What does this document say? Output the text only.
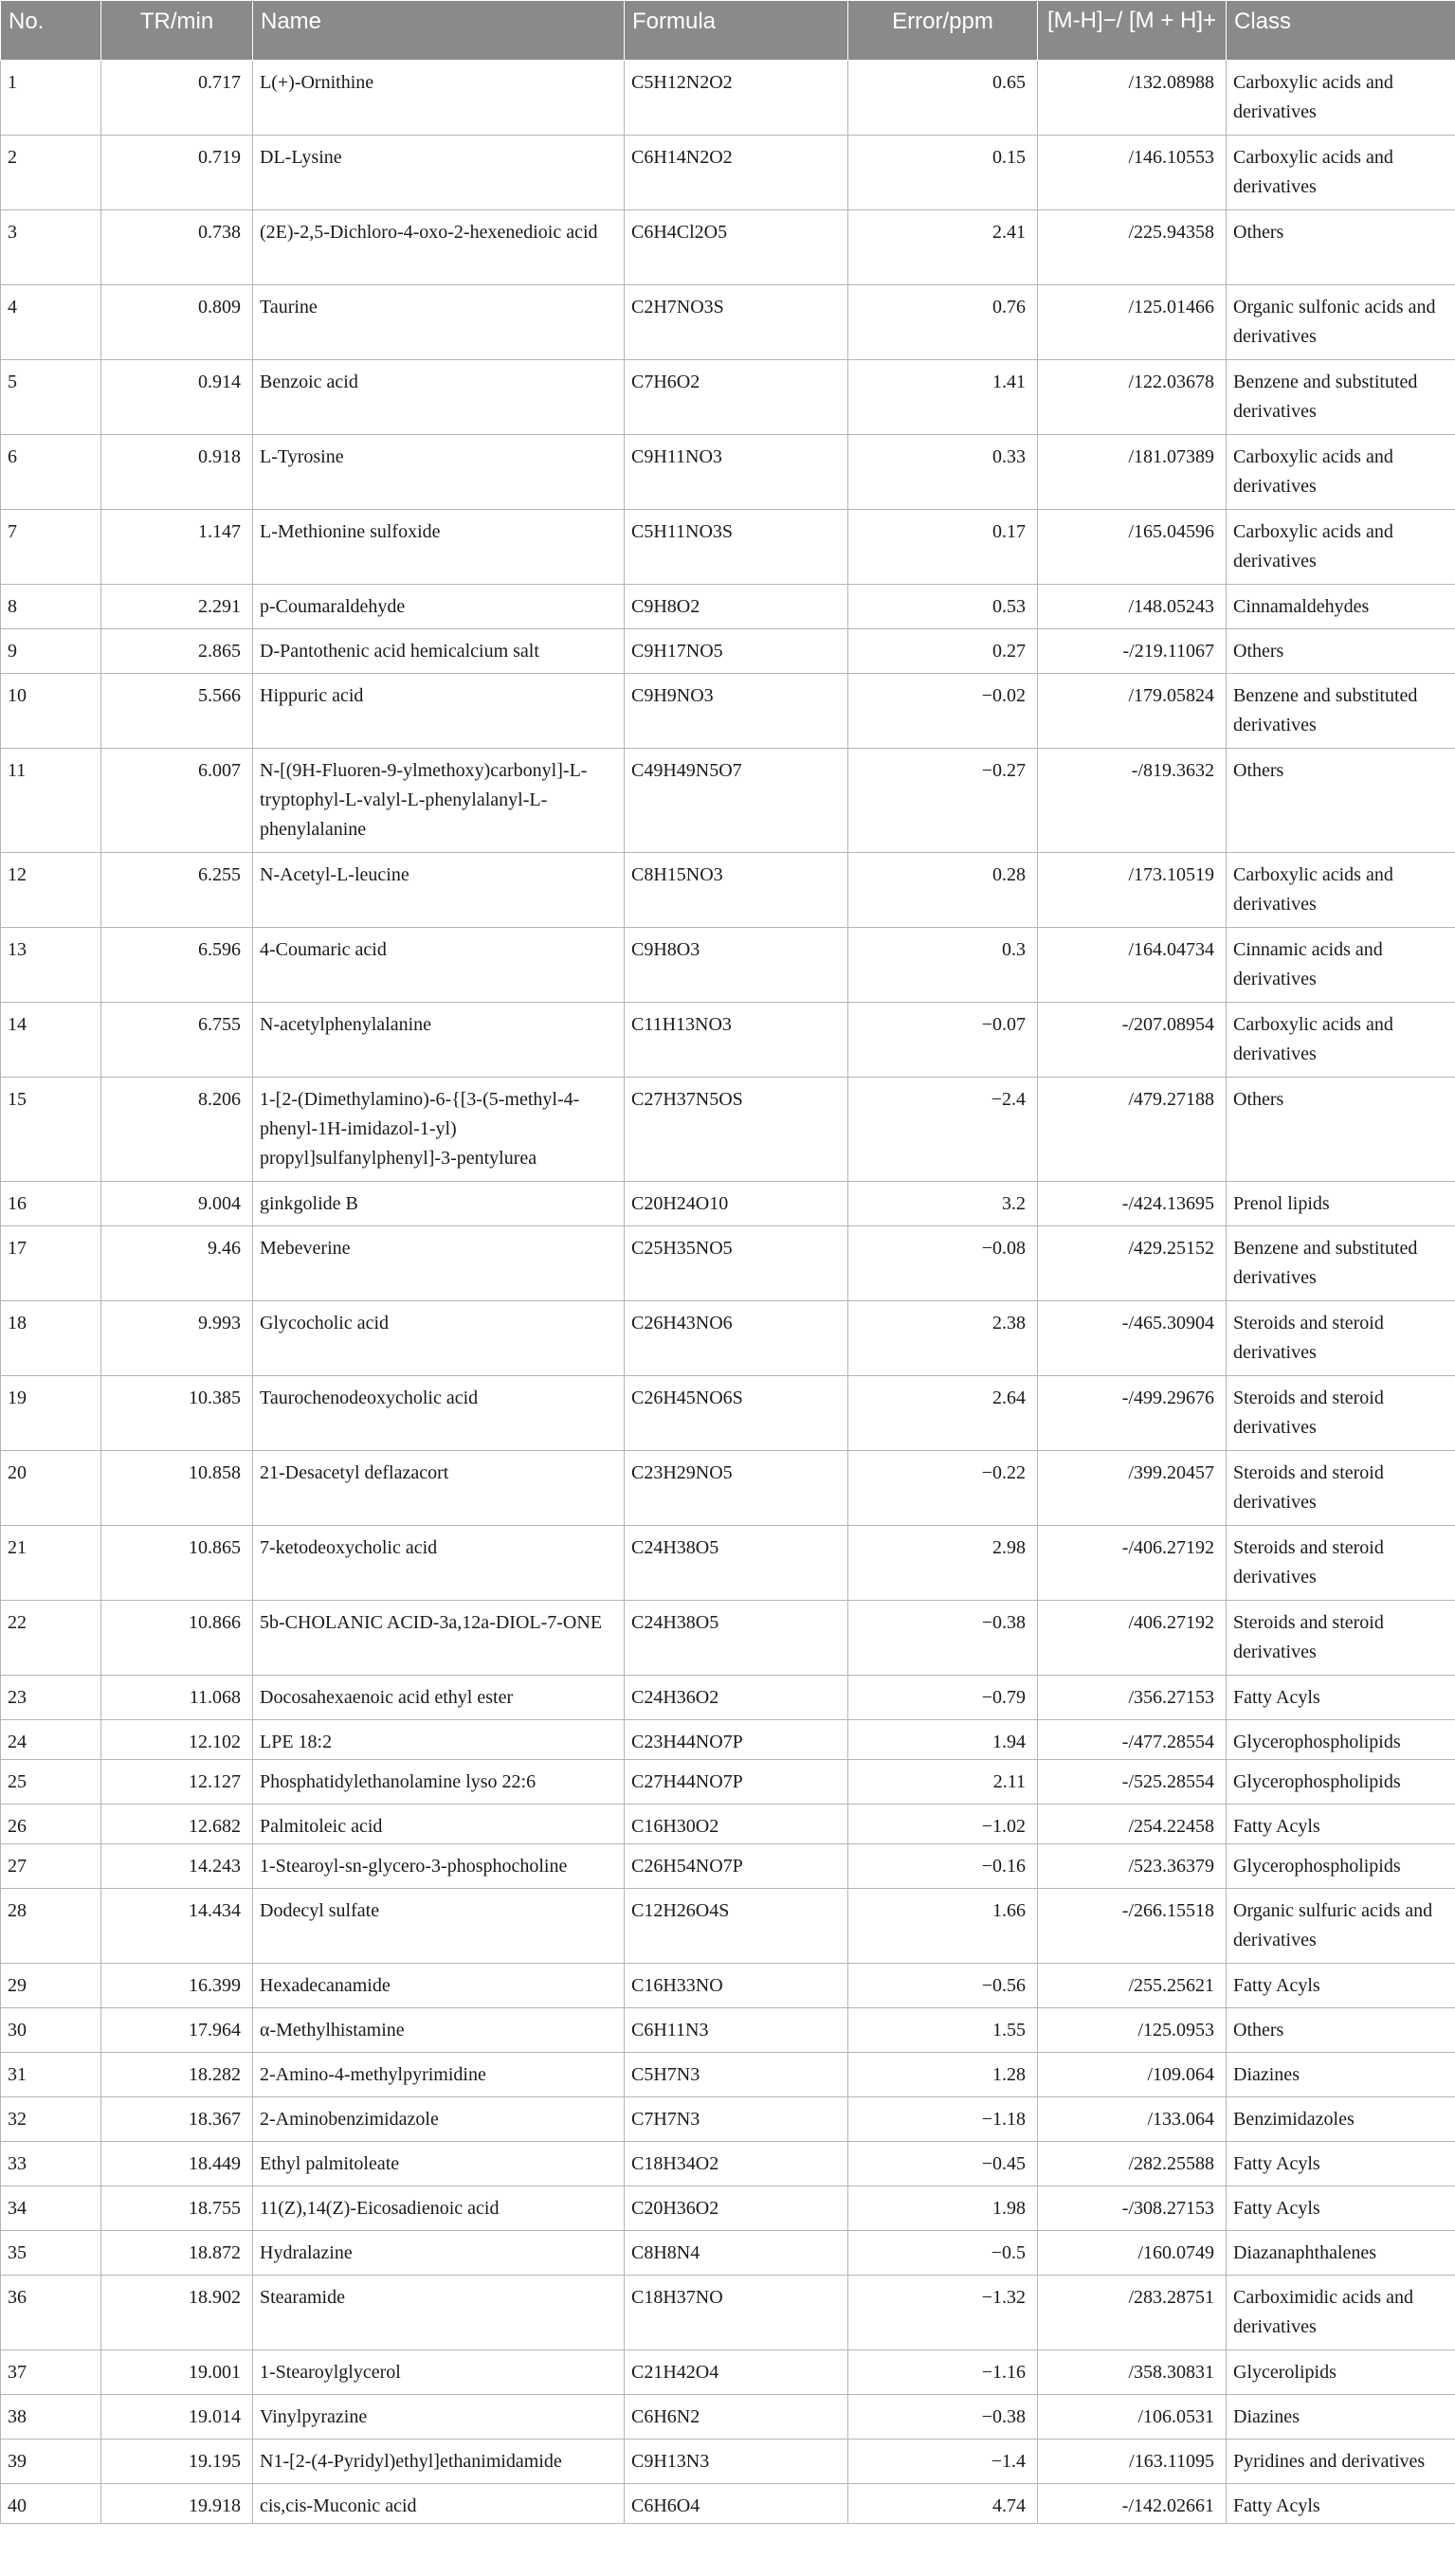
No.	TR/min	Name	Formula	Error/ppm	[M-H]−/ [M + H]+	Class
1	0.717	L(+)-Ornithine	C5H12N2O2	0.65	/132.08988	Carboxylic acids and derivatives
2	0.719	DL-Lysine	C6H14N2O2	0.15	/146.10553	Carboxylic acids and derivatives
3	0.738	(2E)-2,5-Dichloro-4-oxo-2-hexenedioic acid	C6H4Cl2O5	2.41	/225.94358	Others
4	0.809	Taurine	C2H7NO3S	0.76	/125.01466	Organic sulfonic acids and derivatives
5	0.914	Benzoic acid	C7H6O2	1.41	/122.03678	Benzene and substituted derivatives
6	0.918	L-Tyrosine	C9H11NO3	0.33	/181.07389	Carboxylic acids and derivatives
7	1.147	L-Methionine sulfoxide	C5H11NO3S	0.17	/165.04596	Carboxylic acids and derivatives
8	2.291	p-Coumaraldehyde	C9H8O2	0.53	/148.05243	Cinnamaldehydes
9	2.865	D-Pantothenic acid hemicalcium salt	C9H17NO5	0.27	-/219.11067	Others
10	5.566	Hippuric acid	C9H9NO3	−0.02	/179.05824	Benzene and substituted derivatives
11	6.007	N-[(9H-Fluoren-9-ylmethoxy)carbonyl]-L-tryptophyl-L-valyl-L-phenylalanyl-L-phenylalanine	C49H49N5O7	−0.27	-/819.3632	Others
12	6.255	N-Acetyl-L-leucine	C8H15NO3	0.28	/173.10519	Carboxylic acids and derivatives
13	6.596	4-Coumaric acid	C9H8O3	0.3	/164.04734	Cinnamic acids and derivatives
14	6.755	N-acetylphenylalanine	C11H13NO3	−0.07	-/207.08954	Carboxylic acids and derivatives
15	8.206	1-[2-(Dimethylamino)-6-{[3-(5-methyl-4-phenyl-1H-imidazol-1-yl) propyl]sulfanylphenyl]-3-pentylurea	C27H37N5OS	−2.4	/479.27188	Others
16	9.004	ginkgolide B	C20H24O10	3.2	-/424.13695	Prenol lipids
17	9.46	Mebeverine	C25H35NO5	−0.08	/429.25152	Benzene and substituted derivatives
18	9.993	Glycocholic acid	C26H43NO6	2.38	-/465.30904	Steroids and steroid derivatives
19	10.385	Taurochenodeoxycholic acid	C26H45NO6S	2.64	-/499.29676	Steroids and steroid derivatives
20	10.858	21-Desacetyl deflazacort	C23H29NO5	−0.22	/399.20457	Steroids and steroid derivatives
21	10.865	7-ketodeoxycholic acid	C24H38O5	2.98	-/406.27192	Steroids and steroid derivatives
22	10.866	5b-CHOLANIC ACID-3a,12a-DIOL-7-ONE	C24H38O5	−0.38	/406.27192	Steroids and steroid derivatives
23	11.068	Docosahexaenoic acid ethyl ester	C24H36O2	−0.79	/356.27153	Fatty Acyls
24	12.102	LPE 18:2	C23H44NO7P	1.94	-/477.28554	Glycerophospholipids
25	12.127	Phosphatidylethanolamine lyso 22:6	C27H44NO7P	2.11	-/525.28554	Glycerophospholipids
26	12.682	Palmitoleic acid	C16H30O2	−1.02	/254.22458	Fatty Acyls
27	14.243	1-Stearoyl-sn-glycero-3-phosphocholine	C26H54NO7P	−0.16	/523.36379	Glycerophospholipids
28	14.434	Dodecyl sulfate	C12H26O4S	1.66	-/266.15518	Organic sulfuric acids and derivatives
29	16.399	Hexadecanamide	C16H33NO	−0.56	/255.25621	Fatty Acyls
30	17.964	α-Methylhistamine	C6H11N3	1.55	/125.0953	Others
31	18.282	2-Amino-4-methylpyrimidine	C5H7N3	1.28	/109.064	Diazines
32	18.367	2-Aminobenzimidazole	C7H7N3	−1.18	/133.064	Benzimidazoles
33	18.449	Ethyl palmitoleate	C18H34O2	−0.45	/282.25588	Fatty Acyls
34	18.755	11(Z),14(Z)-Eicosadienoic acid	C20H36O2	1.98	-/308.27153	Fatty Acyls
35	18.872	Hydralazine	C8H8N4	−0.5	/160.0749	Diazanaphthalenes
36	18.902	Stearamide	C18H37NO	−1.32	/283.28751	Carboximidic acids and derivatives
37	19.001	1-Stearoylglycerol	C21H42O4	−1.16	/358.30831	Glycerolipids
38	19.014	Vinylpyrazine	C6H6N2	−0.38	/106.0531	Diazines
39	19.195	N1-[2-(4-Pyridyl)ethyl]ethanimidamide	C9H13N3	−1.4	/163.11095	Pyridines and derivatives
40	19.918	cis,cis-Muconic acid	C6H6O4	4.74	-/142.02661	Fatty Acyls
